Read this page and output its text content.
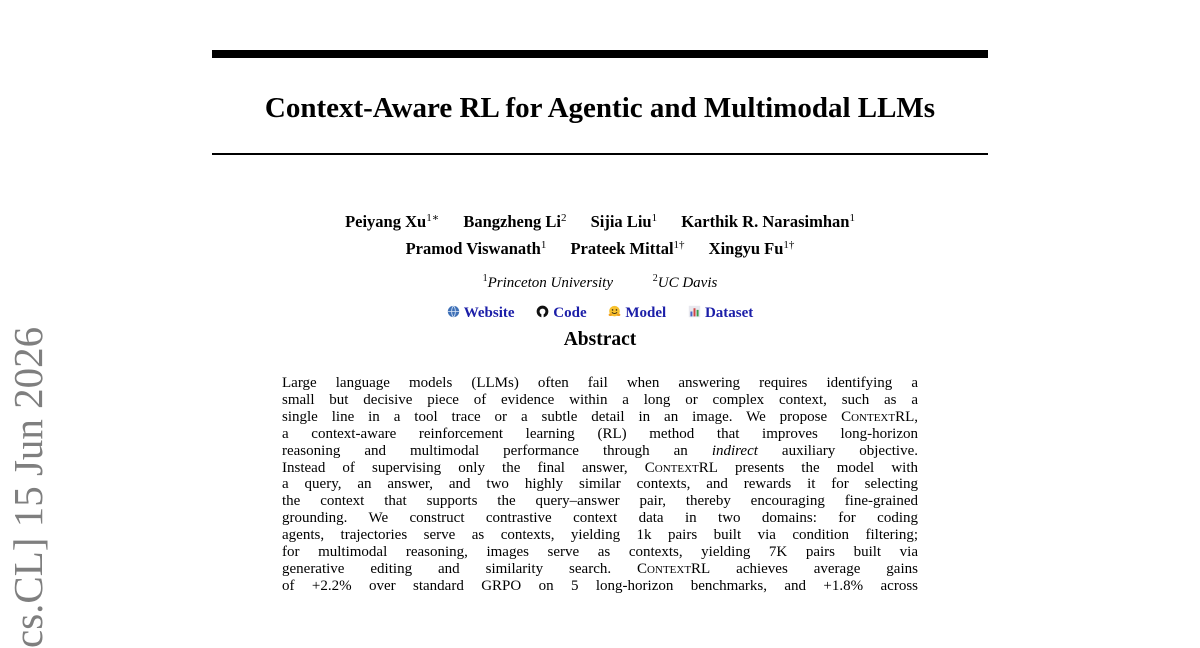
Context-Aware RL for Agentic and Multimodal LLMs
Peiyang $Xu^{1∗}$ Bangzheng Li$^2$ Sijia Liu$^1$ Karthik R. Narasimhan$^1$
Pramod Viswanath$^1$ Prateek Mittal$^{1\dagger}$ Xingyu $Fu^{1\dagger}$
$^1$Princeton University	$^2$UC Davis
Website	Code	Model	Dataset
Abstract
Large language models (LLMs) often fail when answering requires identifying a
small but decisive piece of evidence within a long or complex context, such as a
single line in a tool trace or a subtle detail in an image. We propose ContextRL,
a context-aware reinforcement learning (RL) method that improves long-horizon
reasoning and multimodal performance through an indirect auxiliary objective.
Instead of supervising only the final answer, ContextRL presents the model with
a query, an answer, and two highly similar contexts, and rewards it for selecting
the context that supports the query–answer pair, thereby encouraging fine-grained
grounding. We construct contrastive context data in two domains: for coding
agents, trajectories serve as contexts, yielding 1k pairs built via condition filtering;
for multimodal reasoning, images serve as contexts, yielding 7K pairs built via
generative editing and similarity search. ContextRL achieves average gains
of +2.2% over standard GRPO on 5 long-horizon benchmarks, and +1.8% across
cs.CL] 15 Jun 2026
